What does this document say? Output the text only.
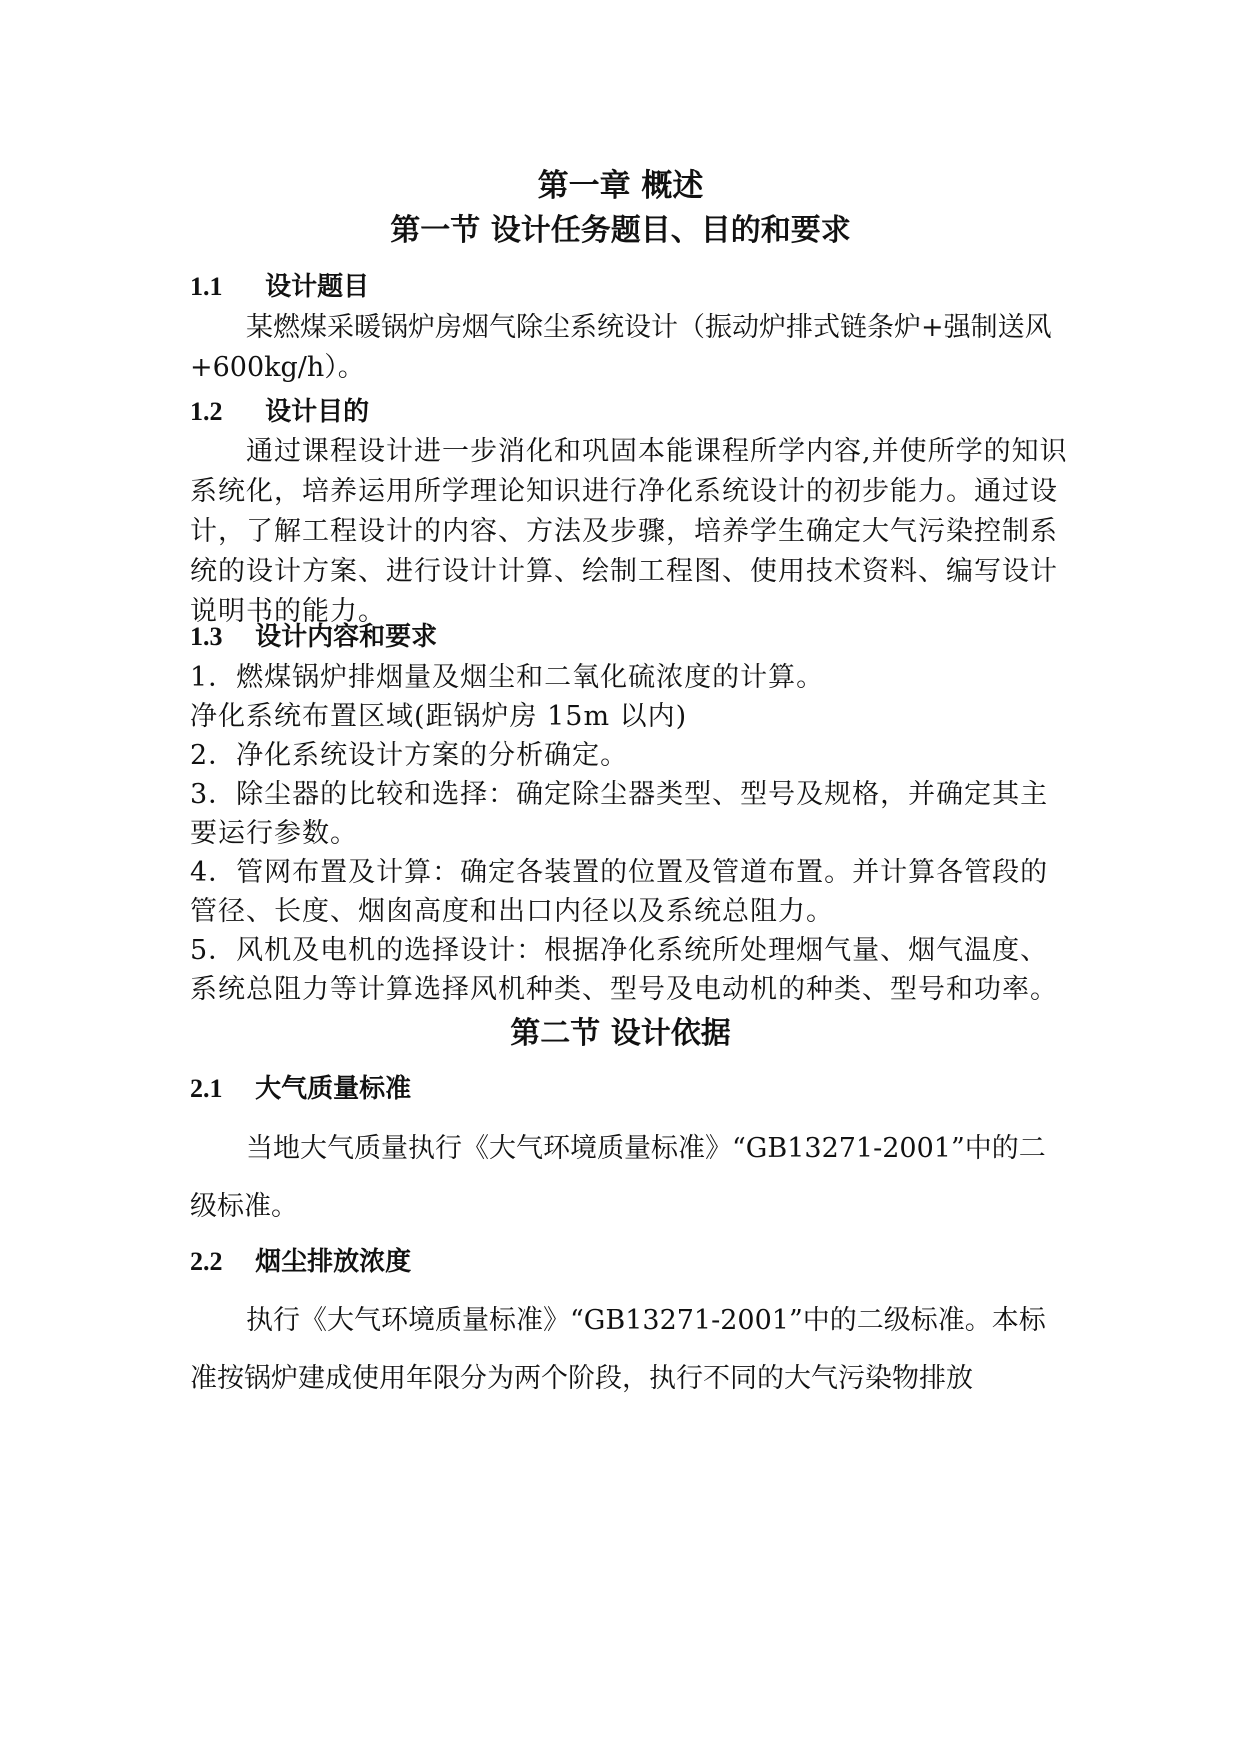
第一章 概述
第一节 设计任务题目、目的和要求
1.1 设计题目

某燃煤采暖锅炉房烟气除尘系统设计（振动炉排式链条炉+强制送风+600kg/h）。

1.2 设计目的

通过课程设计进一步消化和巩固本能课程所学内容,并使所学的知识系统化，培养运用所学理论知识进行净化系统设计的初步能力。通过设计，了解工程设计的内容、方法及步骤，培养学生确定大气污染控制系统的设计方案、进行设计计算、绘制工程图、使用技术资料、编写设计说明书的能力。

1.3 设计内容和要求
1．燃煤锅炉排烟量及烟尘和二氧化硫浓度的计算。
净化系统布置区域(距锅炉房 15m 以内)
2．净化系统设计方案的分析确定。
3．除尘器的比较和选择：确定除尘器类型、型号及规格，并确定其主要运行参数。
4．管网布置及计算：确定各装置的位置及管道布置。并计算各管段的管径、长度、烟囱高度和出口内径以及系统总阻力。
5．风机及电机的选择设计：根据净化系统所处理烟气量、烟气温度、系统总阻力等计算选择风机种类、型号及电动机的种类、型号和功率。
第二节 设计依据
2.1 大气质量标准

当地大气质量执行《大气环境质量标准》“GB13271-2001”中的二级标准。

2.2 烟尘排放浓度

执行《大气环境质量标准》“GB13271-2001”中的二级标准。本标准按锅炉建成使用年限分为两个阶段，执行不同的大气污染物排放
